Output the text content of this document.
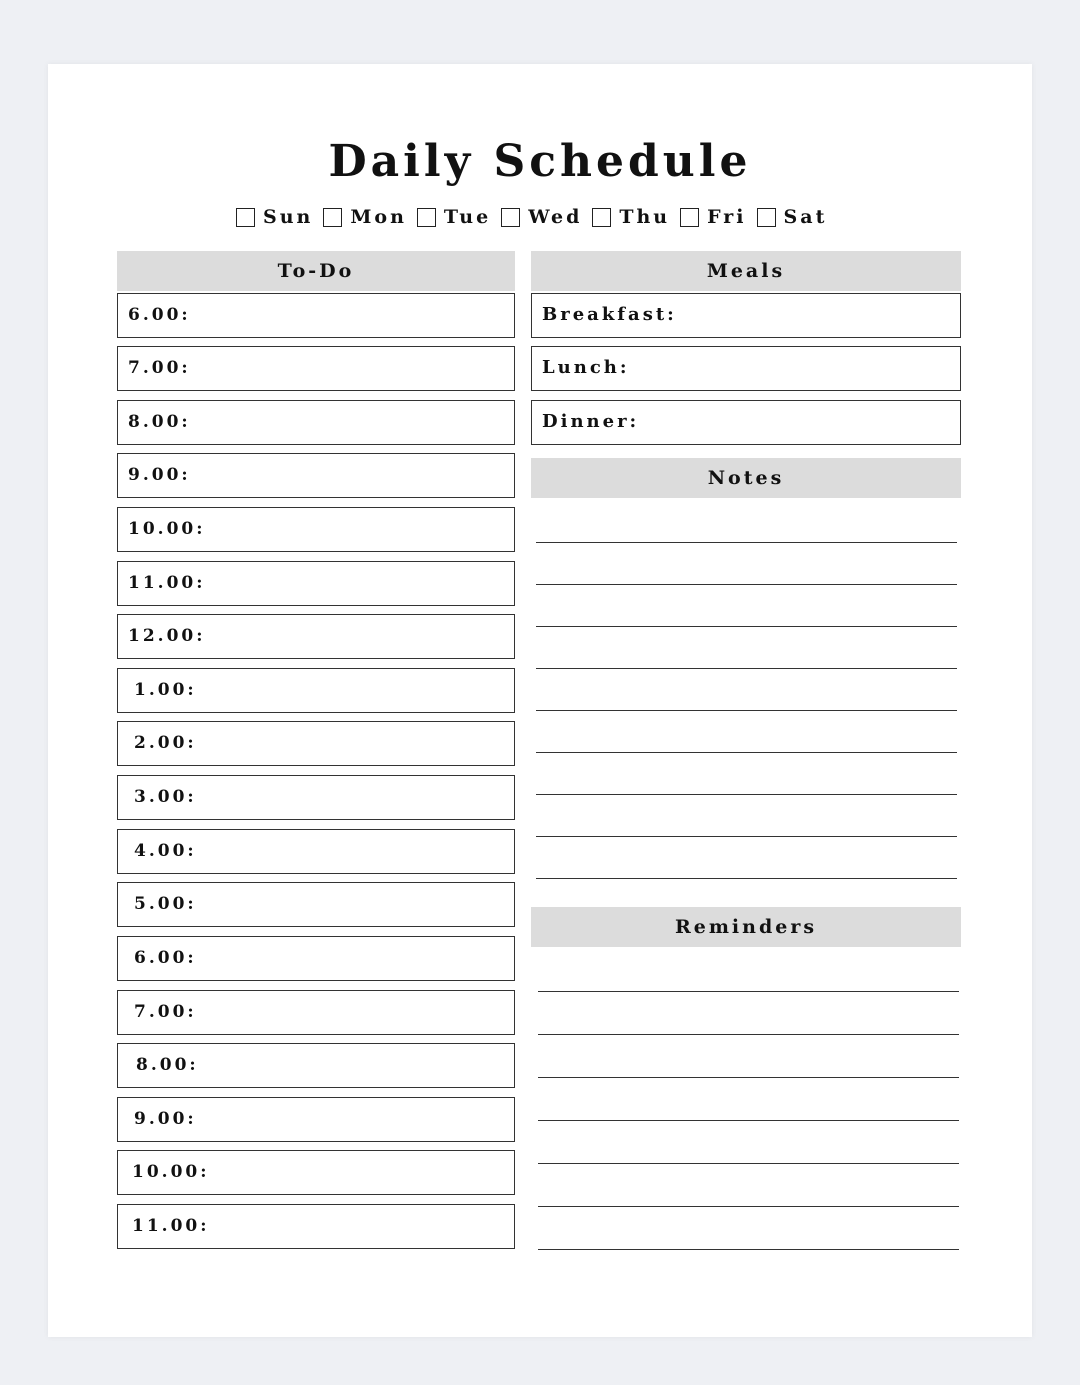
Daily Schedule
Sun Mon Tue Wed Thu Fri Sat
To-Do	Meals
Notes
Reminders
6.00:
7.00:
8.00:
9.00:
10.00:
11.00:
12.00:
1.00:
2.00:
3.00:
4.00:
5.00:
6.00:
7.00:
8.00:
9.00:
10.00:
11.00:
Breakfast:
Lunch:
Dinner:
